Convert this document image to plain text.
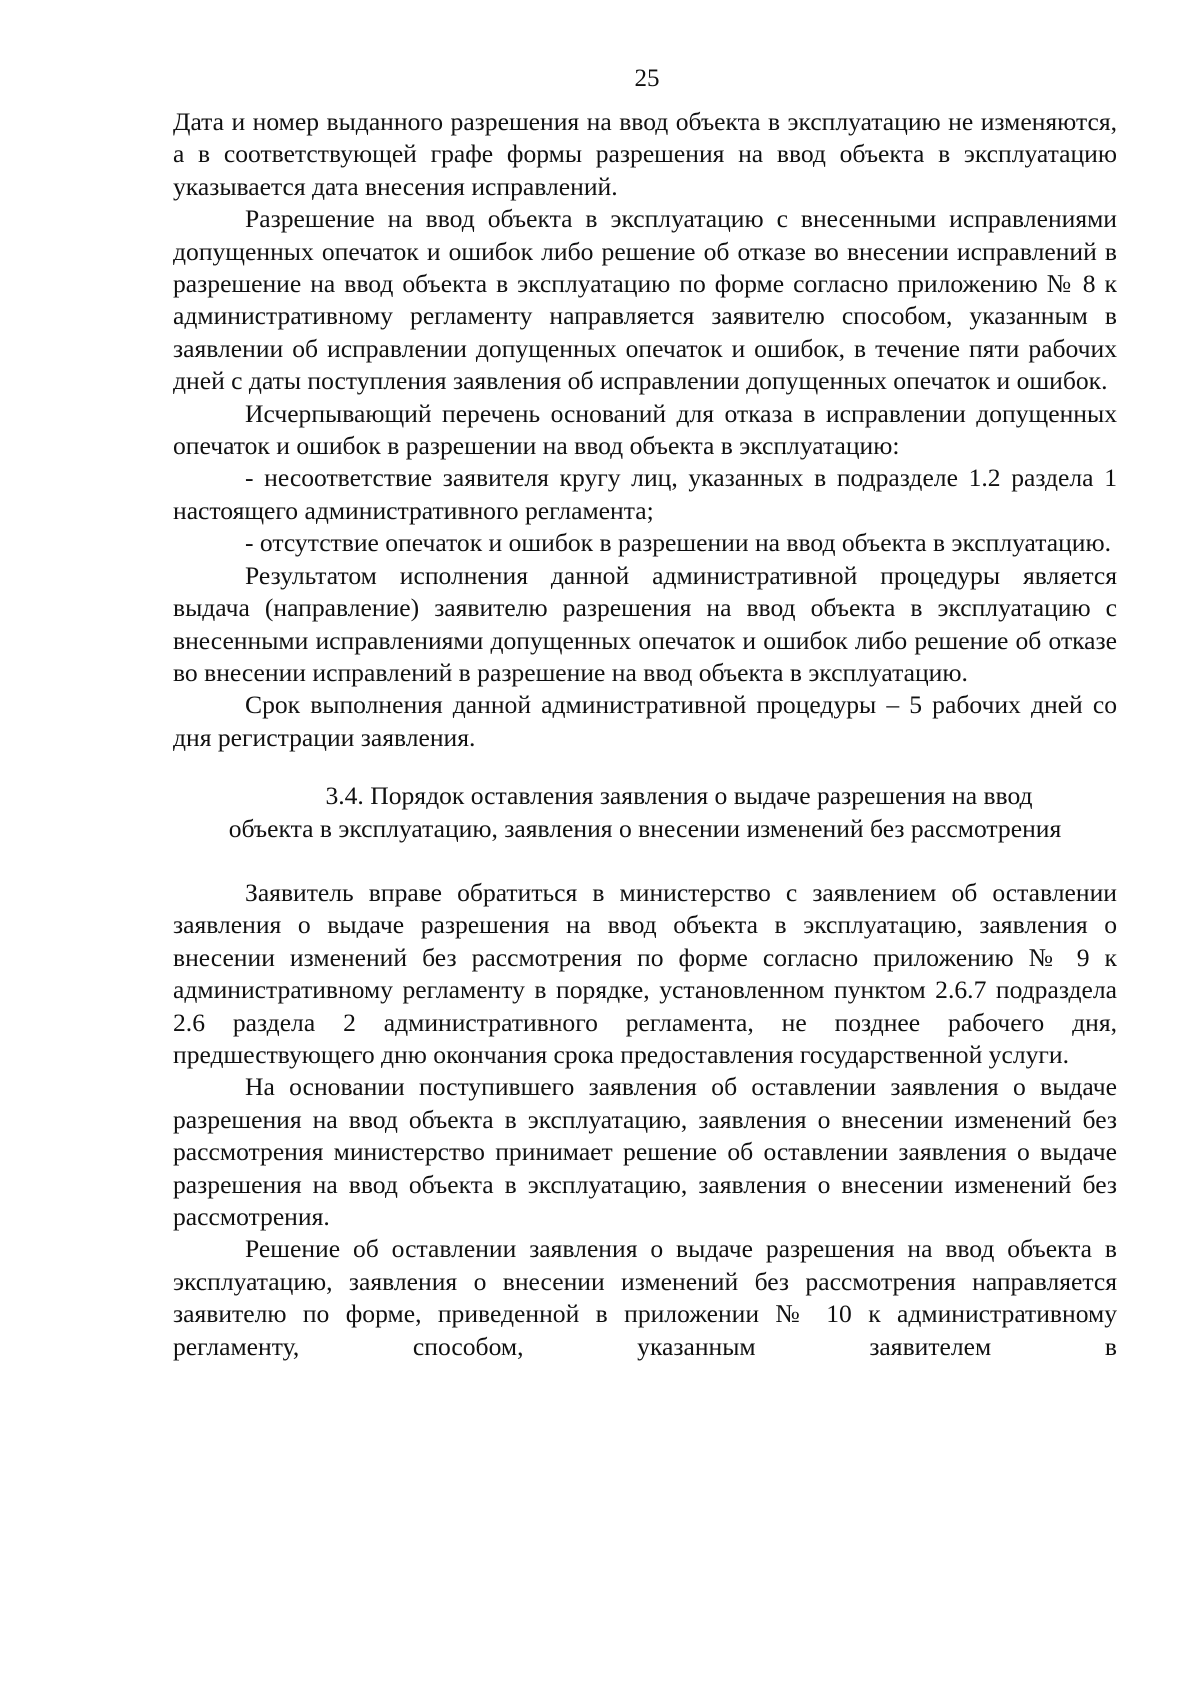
25

Дата и номер выданного разрешения на ввод объекта в эксплуатацию не изменяются, а в соответствующей графе формы разрешения на ввод объекта в эксплуатацию указывается дата внесения исправлений.

Разрешение на ввод объекта в эксплуатацию с внесенными исправлениями допущенных опечаток и ошибок либо решение об отказе во внесении исправлений в разрешение на ввод объекта в эксплуатацию по форме согласно приложению № 8 к административному регламенту направляется заявителю способом, указанным в заявлении об исправлении допущенных опечаток и ошибок, в течение пяти рабочих дней с даты поступления заявления об исправлении допущенных опечаток и ошибок.

Исчерпывающий перечень оснований для отказа в исправлении допущенных опечаток и ошибок в разрешении на ввод объекта в эксплуатацию:

- несоответствие заявителя кругу лиц, указанных в подразделе 1.2 раздела 1 настоящего административного регламента;

- отсутствие опечаток и ошибок в разрешении на ввод объекта в эксплуатацию.

Результатом исполнения данной административной процедуры является выдача (направление) заявителю разрешения на ввод объекта в эксплуатацию с внесенными исправлениями допущенных опечаток и ошибок либо решение об отказе во внесении исправлений в разрешение на ввод объекта в эксплуатацию.

Срок выполнения данной административной процедуры – 5 рабочих дней со дня регистрации заявления.

3.4. Порядок оставления заявления о выдаче разрешения на ввод
объекта в эксплуатацию, заявления о внесении изменений без рассмотрения

Заявитель вправе обратиться в министерство с заявлением об оставлении заявления о выдаче разрешения на ввод объекта в эксплуатацию, заявления о внесении изменений без рассмотрения по форме согласно приложению № 9 к административному регламенту в порядке, установленном пунктом 2.6.7 подраздела 2.6 раздела 2 административного регламента, не позднее рабочего дня, предшествующего дню окончания срока предоставления государственной услуги.

На основании поступившего заявления об оставлении заявления о выдаче разрешения на ввод объекта в эксплуатацию, заявления о внесении изменений без рассмотрения министерство принимает решение об оставлении заявления о выдаче разрешения на ввод объекта в эксплуатацию, заявления о внесении изменений без рассмотрения.

Решение об оставлении заявления о выдаче разрешения на ввод объекта в эксплуатацию, заявления о внесении изменений без рассмотрения направляется заявителю по форме, приведенной в приложении № 10 к административному регламенту, способом, указанным заявителем в
